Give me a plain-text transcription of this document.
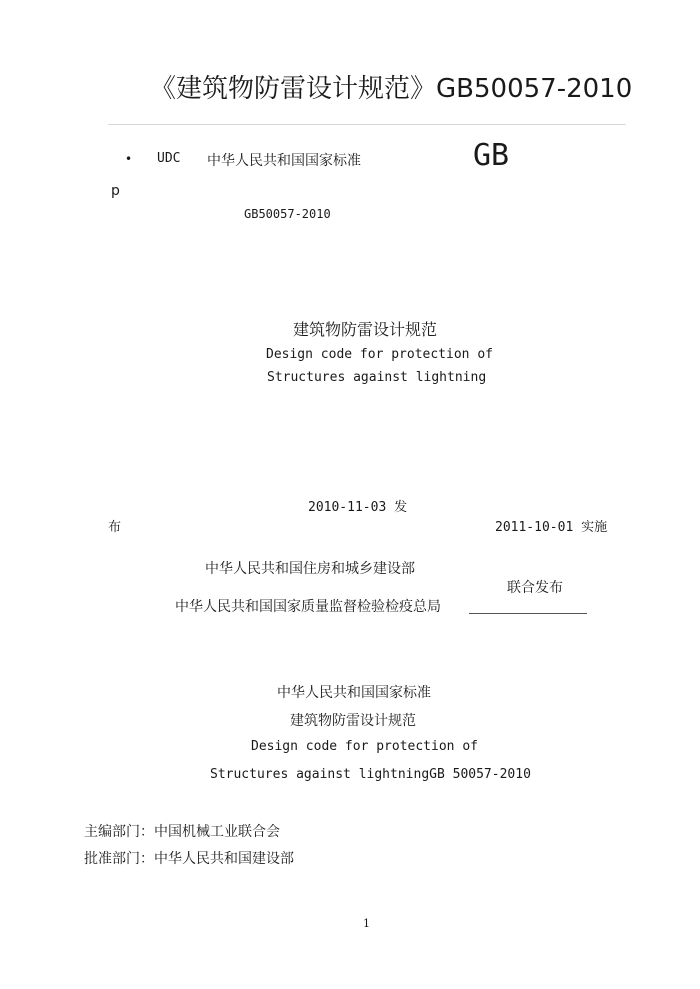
《建筑物防雷设计规范》GB50057-2010
• UDC 中华人民共和国国家标准	GB
p
GB50057-2010
建筑物防雷设计规范
Design code for protection of
Structures against lightning
2010-11-03 发
布	2011-10-01 实施
中华人民共和国住房和城乡建设部
联合发布
中华人民共和国国家质量监督检验检疫总局
中华人民共和国国家标准
建筑物防雷设计规范
Design code for protection of
Structures against lightningGB 50057-2010
主编部门：中国机械工业联合会
批准部门：中华人民共和国建设部
1
